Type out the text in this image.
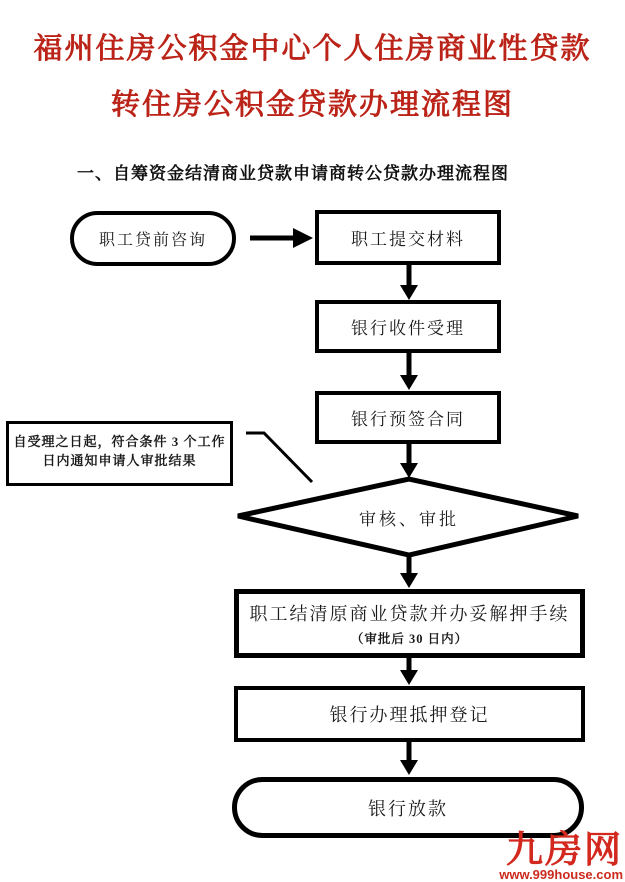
福州住房公积金中心个人住房商业性贷款
转住房公积金贷款办理流程图
一、自筹资金结清商业贷款申请商转公贷款办理流程图
职工贷前咨询	职工提交材料
银行收件受理
银行预签合同
自受理之日起，符合条件 3 个工作
日内通知申请人审批结果
审核、审批
职工结清原商业贷款并办妥解押手续
（审批后 30 日内）
银行办理抵押登记
银行放款
九房网
www.999house.com
